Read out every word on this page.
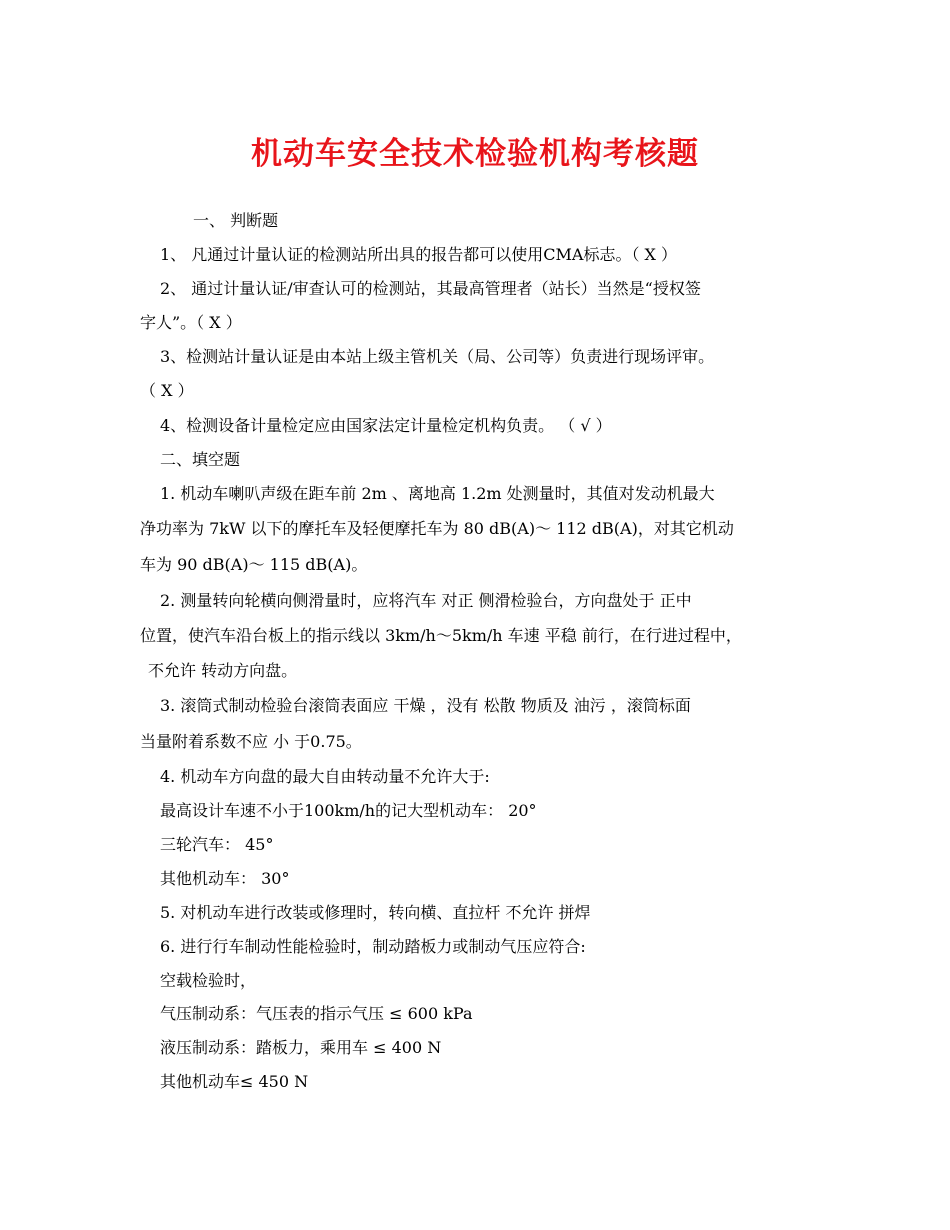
机动车安全技术检验机构考核题
一、 判断题
1、 凡通过计量认证的检测站所出具的报告都可以使用CMA标志。（ X ）
2、 通过计量认证/审查认可的检测站，其最高管理者（站长）当然是“授权签
字人”。（ X ）
3、检测站计量认证是由本站上级主管机关（局、公司等）负责进行现场评审。
（ X ）
4、检测设备计量检定应由国家法定计量检定机构负责。 （ √ ）
二、填空题
1. 机动车喇叭声级在距车前 2m 、离地高 1.2m 处测量时，其值对发动机最大
净功率为 7kW 以下的摩托车及轻便摩托车为 80 dB(A)～ 112 dB(A)，对其它机动
车为 90 dB(A)～ 115 dB(A)。
2. 测量转向轮横向侧滑量时，应将汽车 对正 侧滑检验台，方向盘处于 正中
位置，使汽车沿台板上的指示线以 3km/h～5km/h 车速 平稳 前行，在行进过程中，
不允许 转动方向盘。
3. 滚筒式制动检验台滚筒表面应 干燥 ，没有 松散 物质及 油污 ，滚筒标面
当量附着系数不应 小 于0.75。
4. 机动车方向盘的最大自由转动量不允许大于:
最高设计车速不小于100km/h的记大型机动车： 20°
三轮汽车： 45°
其他机动车： 30°
5. 对机动车进行改装或修理时，转向横、直拉杆 不允许 拼焊
6. 进行行车制动性能检验时，制动踏板力或制动气压应符合:
空载检验时，
气压制动系：气压表的指示气压 ≤ 600 kPa
液压制动系：踏板力，乘用车 ≤ 400 N
其他机动车≤ 450 N
